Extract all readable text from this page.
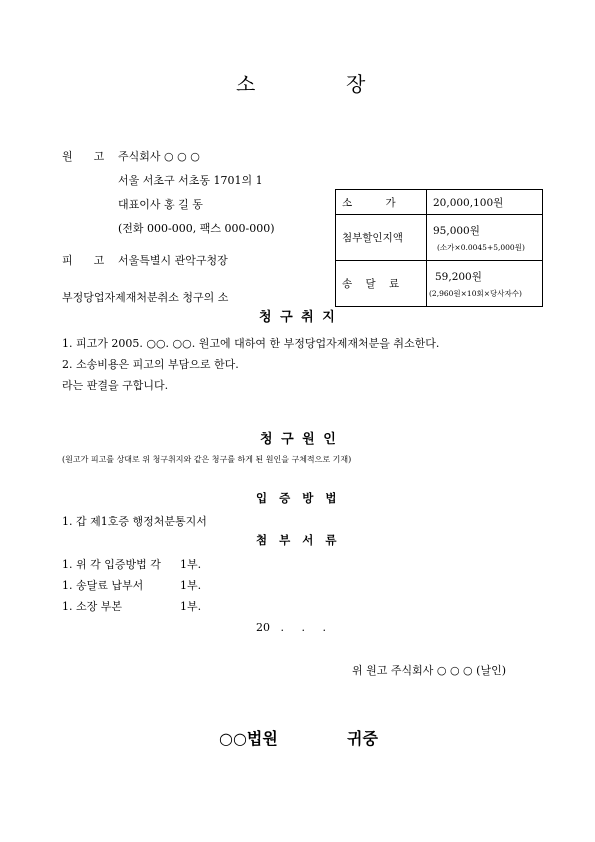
소	장
원 고 주식회사 ○ ○ ○
서울 서초구 서초동 1701의 1
대표이사 홍 길 동
(전화 000-000, 팩스 000-000)
피 고 서울특별시 관악구청장
부정당업자제재처분취소 청구의 소
소          가	20,000,100원
첨부할인지액	95,000원
(소가×0.0045+5,000원)

송    달    료	59,200원
(2,960원×10회×당사자수)
청 구 취 지
1. 피고가 2005. ○○. ○○. 원고에 대하여 한 부정당업자제재처분을 취소한다.
2. 소송비용은 피고의 부담으로 한다.
라는 판결을 구합니다.
청 구 원 인
(원고가 피고를 상대로 위 청구취지와 같은 청구를 하게 된 원인을 구체적으로 기재)
입 증 방 법
1. 갑 제1호증 행정처분통지서
첨 부 서 류
1. 위 각 입증방법 각 1부.
1. 송달료 납부서	1부.
1. 소장 부본	1부.
20   .     .     .
위 원고 주식회사 ○ ○ ○ (날인)
○○법원	귀중
